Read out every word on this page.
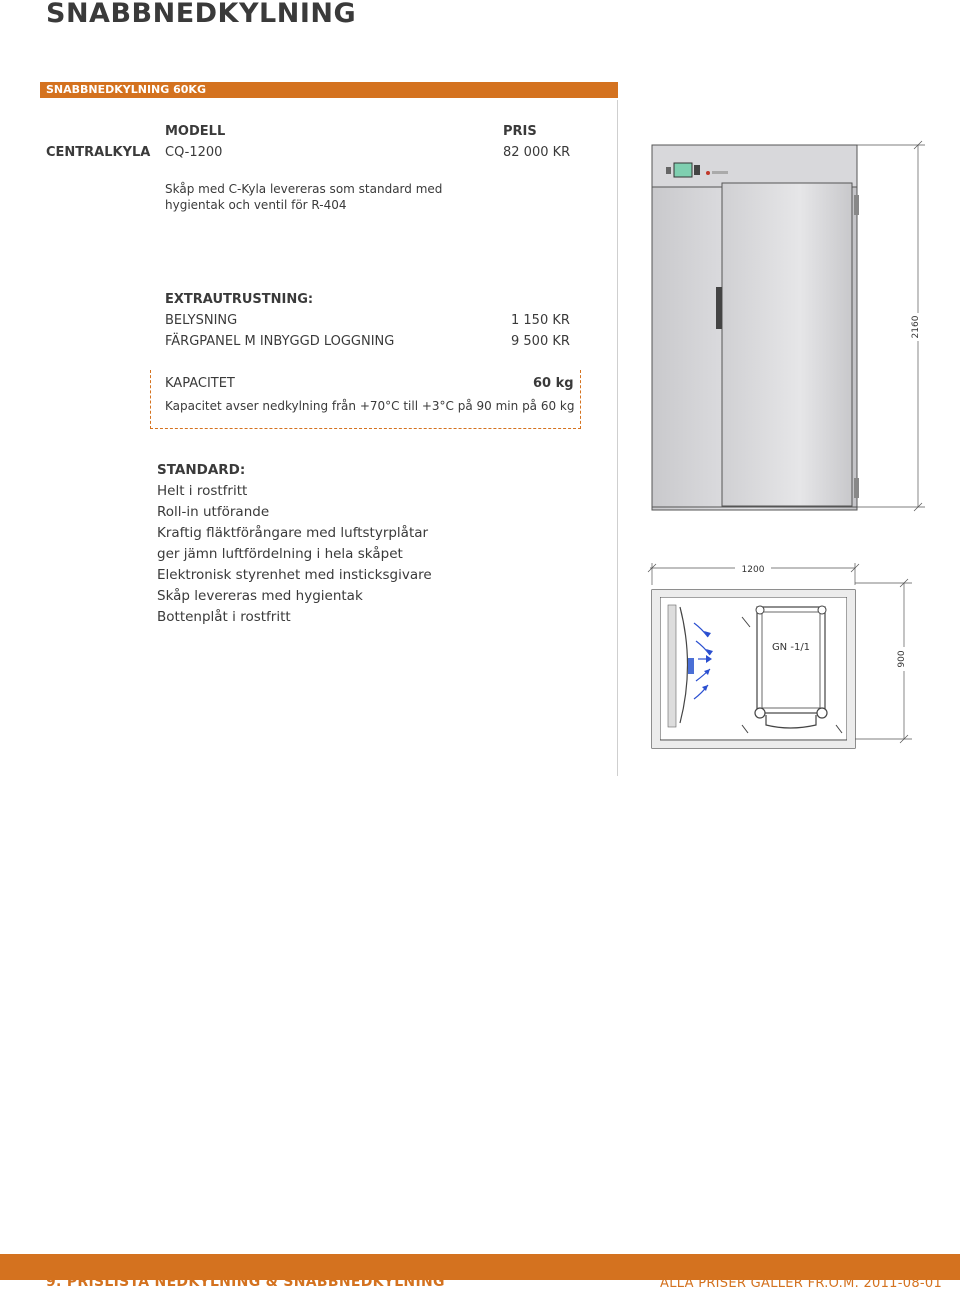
SNABBNEDKYLNING
SNABBNEDKYLNING 60KG
MODELL	PRIS
CENTRALKYLA CQ-1200	82 000 KR
Skåp med C-Kyla levereras som standard med
hygientak och ventil för R-404
EXTRAUTRUSTNING:
BELYSNING	1 150 KR
FÄRGPANEL M INBYGGD LOGGNING	9 500 KR
KAPACITET	60 kg
Kapacitet avser nedkylning från +70°C till +3°C på 90 min på 60 kg
STANDARD:
Helt i rostfritt
Roll-in utförande
Kraftig fläktförångare med luftstyrplåtar
ger jämn luftfördelning i hela skåpet
Elektronisk styrenhet med insticksgivare
Skåp levereras med hygientak
Bottenplåt i rostfritt
2160
1200
GN -1/1
900
9. PRISLISTA NEDKYLNING & SNABBNEDKYLNING	ALLA PRISER GÄLLER FR.O.M. 2011-08-01
